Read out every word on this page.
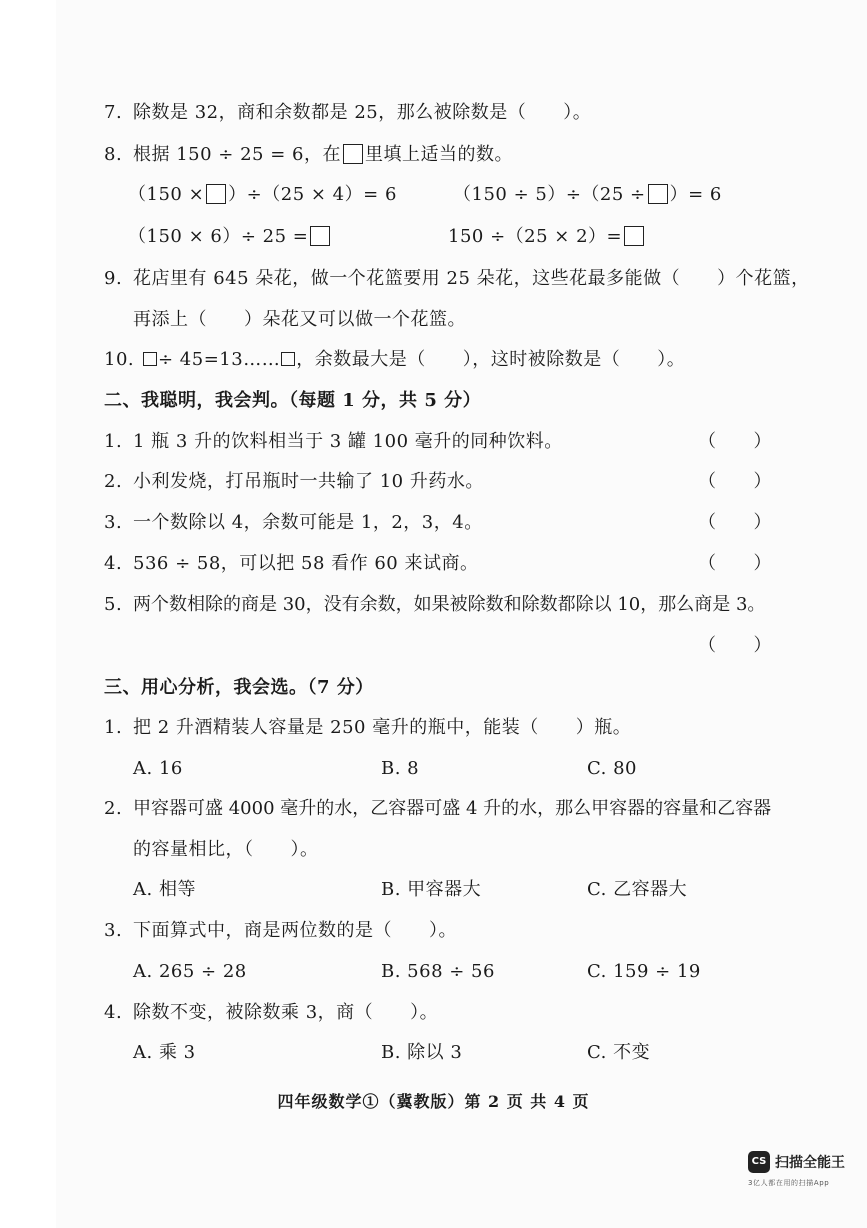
7. 除数是 32，商和余数都是 25，那么被除数是（　　）。
8. 根据 150 ÷ 25 = 6，在 里填上适当的数。
（150 × ）÷（25 × 4）= 6	（150 ÷ 5）÷（25 ÷ ）= 6
（150 × 6）÷ 25 =	150 ÷（25 × 2）=
9. 花店里有 645 朵花，做一个花篮要用 25 朵花，这些花最多能做（　　）个花篮，
再添上（　　）朵花又可以做一个花篮。
10.	÷ 45=13…… ，余数最大是（　　），这时被除数是（　　）。
二、我聪明，我会判。（每题 1 分，共 5 分）
1. 1 瓶 3 升的饮料相当于 3 罐 100 毫升的同种饮料。	（　　）
2. 小利发烧，打吊瓶时一共输了 10 升药水。	（　　）
3. 一个数除以 4，余数可能是 1，2，3，4。	（　　）
4. 536 ÷ 58，可以把 58 看作 60 来试商。	（　　）
5. 两个数相除的商是 30，没有余数，如果被除数和除数都除以 10，那么商是 3。
（　　）
三、用心分析，我会选。（7 分）
1. 把 2 升酒精装人容量是 250 毫升的瓶中，能装（　　）瓶。
A. 16	B. 8	C. 80
2. 甲容器可盛 4000 毫升的水，乙容器可盛 4 升的水，那么甲容器的容量和乙容器
的容量相比，（　　）。
A. 相等	B. 甲容器大	C. 乙容器大
3. 下面算式中，商是两位数的是（　　）。
A. 265 ÷ 28	B. 568 ÷ 56	C. 159 ÷ 19
4. 除数不变，被除数乘 3，商（　　）。
A. 乘 3	B. 除以 3	C. 不变
四年级数学①（冀教版）第 2 页 共 4 页
CS 扫描全能王
3亿人都在用的扫描App
